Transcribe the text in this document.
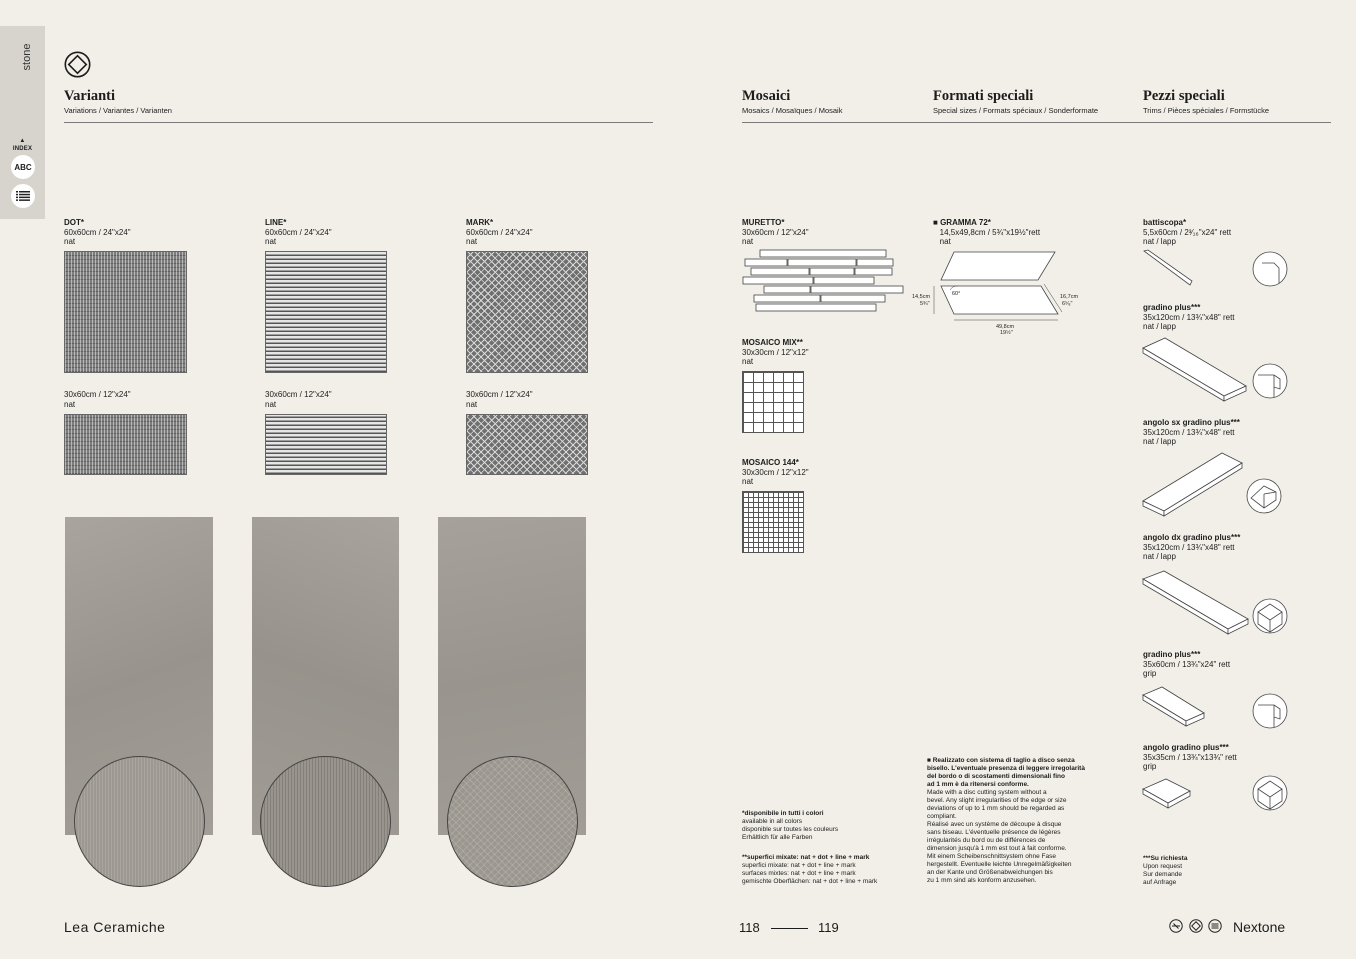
stone
▲
INDEX
ABC
Varianti
Variations / Variantes / Varianten
DOT*
60x60cm / 24"x24"
nat
LINE*
60x60cm / 24"x24"
nat
MARK*
60x60cm / 24"x24"
nat
30x60cm / 12"x24"
nat
30x60cm / 12"x24"
nat
30x60cm / 12"x24"
nat
Mosaici
Mosaics / Mosaïques / Mosaik
Formati speciali
Special sizes / Formats spéciaux / Sonderformate
Pezzi speciali
Trims / Pièces spéciales / Formstücke
MURETTO*
30x60cm / 12"x24"
nat
MOSAICO MIX**
30x30cm / 12"x12"
nat
MOSAICO 144*
30x30cm / 12"x12"
nat
■ GRAMMA 72*
14,5x49,8cm / 5¾"x19½"rett
nat
14,5cm
5¾"
60°
49,8cm
19½"
16,7cm
6⁵⁄₈"
battiscopa*
5,5x60cm / 2³⁄₁₆"x24" rett
nat / lapp
gradino plus***
35x120cm / 13¾"x48" rett
nat / lapp
angolo sx gradino plus***
35x120cm / 13¾"x48" rett
nat / lapp
angolo dx gradino plus***
35x120cm / 13¾"x48" rett
nat / lapp
gradino plus***
35x60cm / 13¾"x24" rett
grip
angolo gradino plus***
35x35cm / 13¾"x13¾" rett
grip
*disponibile in tutti i colori
available in all colors
disponible sur toutes les couleurs
Erhältlich für alle Farben
**superfici mixate: nat + dot + line + mark
superfici mixate: nat + dot + line + mark
surfaces mixtes: nat + dot + line + mark
gemischte Oberflächen: nat + dot + line + mark
■ Realizzato con sistema di taglio a disco senza
bisello. L'eventuale presenza di leggere irregolarità
del bordo o di scostamenti dimensionali fino
ad 1 mm è da ritenersi conforme.
Made with a disc cutting system without a
bevel. Any slight irregularities of the edge or size
deviations of up to 1 mm should be regarded as
compliant.
Réalisé avec un système de découpe à disque
sans biseau. L'éventuelle présence de légères
irrégularités du bord ou de différences de
dimension jusqu'à 1 mm est tout à fait conforme.
Mit einem Scheibenschnittsystem ohne Fase
hergestellt. Eventuelle leichte Unregelmäßigkeiten
an der Kante und Größenabweichungen bis
zu 1 mm sind als konform anzusehen.
***Su richiesta
Upon request
Sur demande
auf Anfrage
Lea Ceramiche	118	119	Nextone
